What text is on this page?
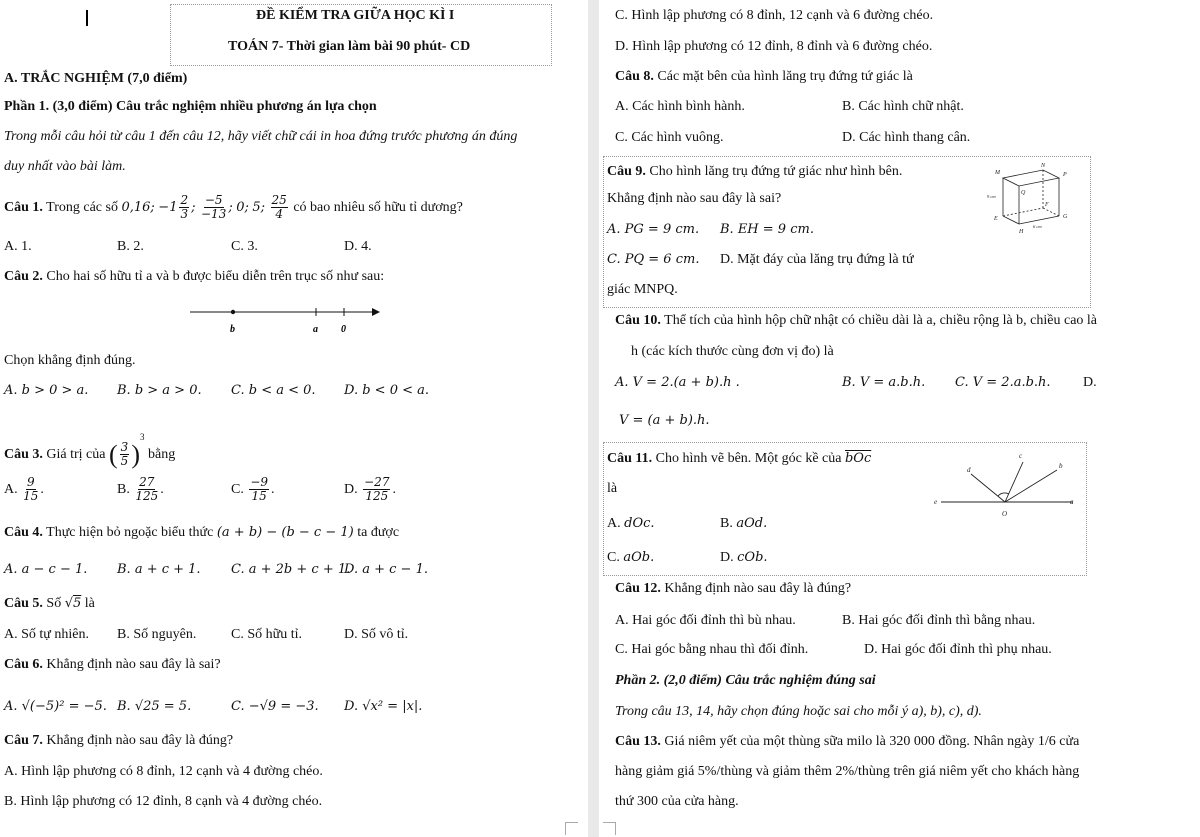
ĐỀ KIỂM TRA GIỮA HỌC KÌ I
TOÁN 7- Thời gian làm bài 90 phút- CD
A. TRẮC NGHIỆM (7,0 điểm)
Phần 1. (3,0 điểm) Câu trắc nghiệm nhiều phương án lựa chọn
Trong mỗi câu hỏi từ câu 1 đến câu 12, hãy viết chữ cái in hoa đứng trước phương án đúng
duy nhất vào bài làm.
Câu 1. Trong các số 0,16; $-1 \frac{2}{3}$ ; $\frac{-5}{-13}$ ; 0; 5; $\frac{25}{4}$ có bao nhiêu số hữu tỉ dương?
A. 1.	B. 2.	C. 3.	D. 4.
Câu 2. Cho hai số hữu tỉ a và b được biểu diễn trên trục số như sau:
b	a 0
Chọn khẳng định đúng.
A. b > 0 > a. B. b > a > 0. C. b < a < 0. D. b < 0 < a.
Câu 3. Giá trị của ( $\frac{3}{5} )^3$ bằng
A. $\frac{9}{15}$ .	B. $\frac{27}{125}$ .	C. $\frac{-9}{15}$ .	D. $\frac{-27}{125}$ .
Câu 4. Thực hiện bỏ ngoặc biểu thức (a + b) − (b − c − 1) ta được
A. a − c − 1. B. a + c + 1. C. a + 2b + c + 1.
D. a + c − 1.
Câu 5. Số √5 là
A. Số tự nhiên. B. Số nguyên. C. Số hữu tỉ.	D. Số vô tỉ.
Câu 6. Khẳng định nào sau đây là sai?
A. √(−5)² = −5. B. √25 = 5.	C. −√9 = −3. D. √x² = |x|.
Câu 7. Khẳng định nào sau đây là đúng?
A. Hình lập phương có 8 đỉnh, 12 cạnh và 4 đường chéo.
B. Hình lập phương có 12 đỉnh, 8 cạnh và 4 đường chéo.
C. Hình lập phương có 8 đỉnh, 12 cạnh và 6 đường chéo.
D. Hình lập phương có 12 đỉnh, 8 đỉnh và 6 đường chéo.
Câu 8. Các mặt bên của hình lăng trụ đứng tứ giác là
A. Các hình bình hành.	B. Các hình chữ nhật.
C. Các hình vuông.	D. Các hình thang cân.
Câu 9. Cho hình lăng trụ đứng tứ giác như hình bên.
Khẳng định nào sau đây là sai?
A. PG = 9 cm. B. EH = 9 cm.
C. PQ = 6 cm. D. Mặt đáy của lăng trụ đứng là tứ
giác MNPQ.
M
N
P
Q
E
F
G
H
9 cm
6 cm
Câu 10. Thể tích của hình hộp chữ nhật có chiều dài là a, chiều rộng là b, chiều cao là
h (các kích thước cùng đơn vị đo) là
A. V = 2.(a + b).h .	B. V = a.b.h. C. V = 2.a.b.h. D.
V = (a + b).h.
Câu 11. Cho hình vẽ bên. Một góc kề của $\overline{bOc}$
là
A. dOc.	B. aOd.
C. aOb.	D. cOb.
c
b
d
e
O
a
Câu 12. Khẳng định nào sau đây là đúng?
A. Hai góc đối đỉnh thì bù nhau.	B. Hai góc đối đỉnh thì bằng nhau.
C. Hai góc bằng nhau thì đối đỉnh.	D. Hai góc đối đỉnh thì phụ nhau.
Phần 2. (2,0 điểm) Câu trắc nghiệm đúng sai
Trong câu 13, 14, hãy chọn đúng hoặc sai cho mỗi ý a), b), c), d).
Câu 13. Giá niêm yết của một thùng sữa milo là 320 000 đồng. Nhân ngày 1/6 cửa
hàng giảm giá 5%/thùng và giảm thêm 2%/thùng trên giá niêm yết cho khách hàng
thứ 300 của cửa hàng.
